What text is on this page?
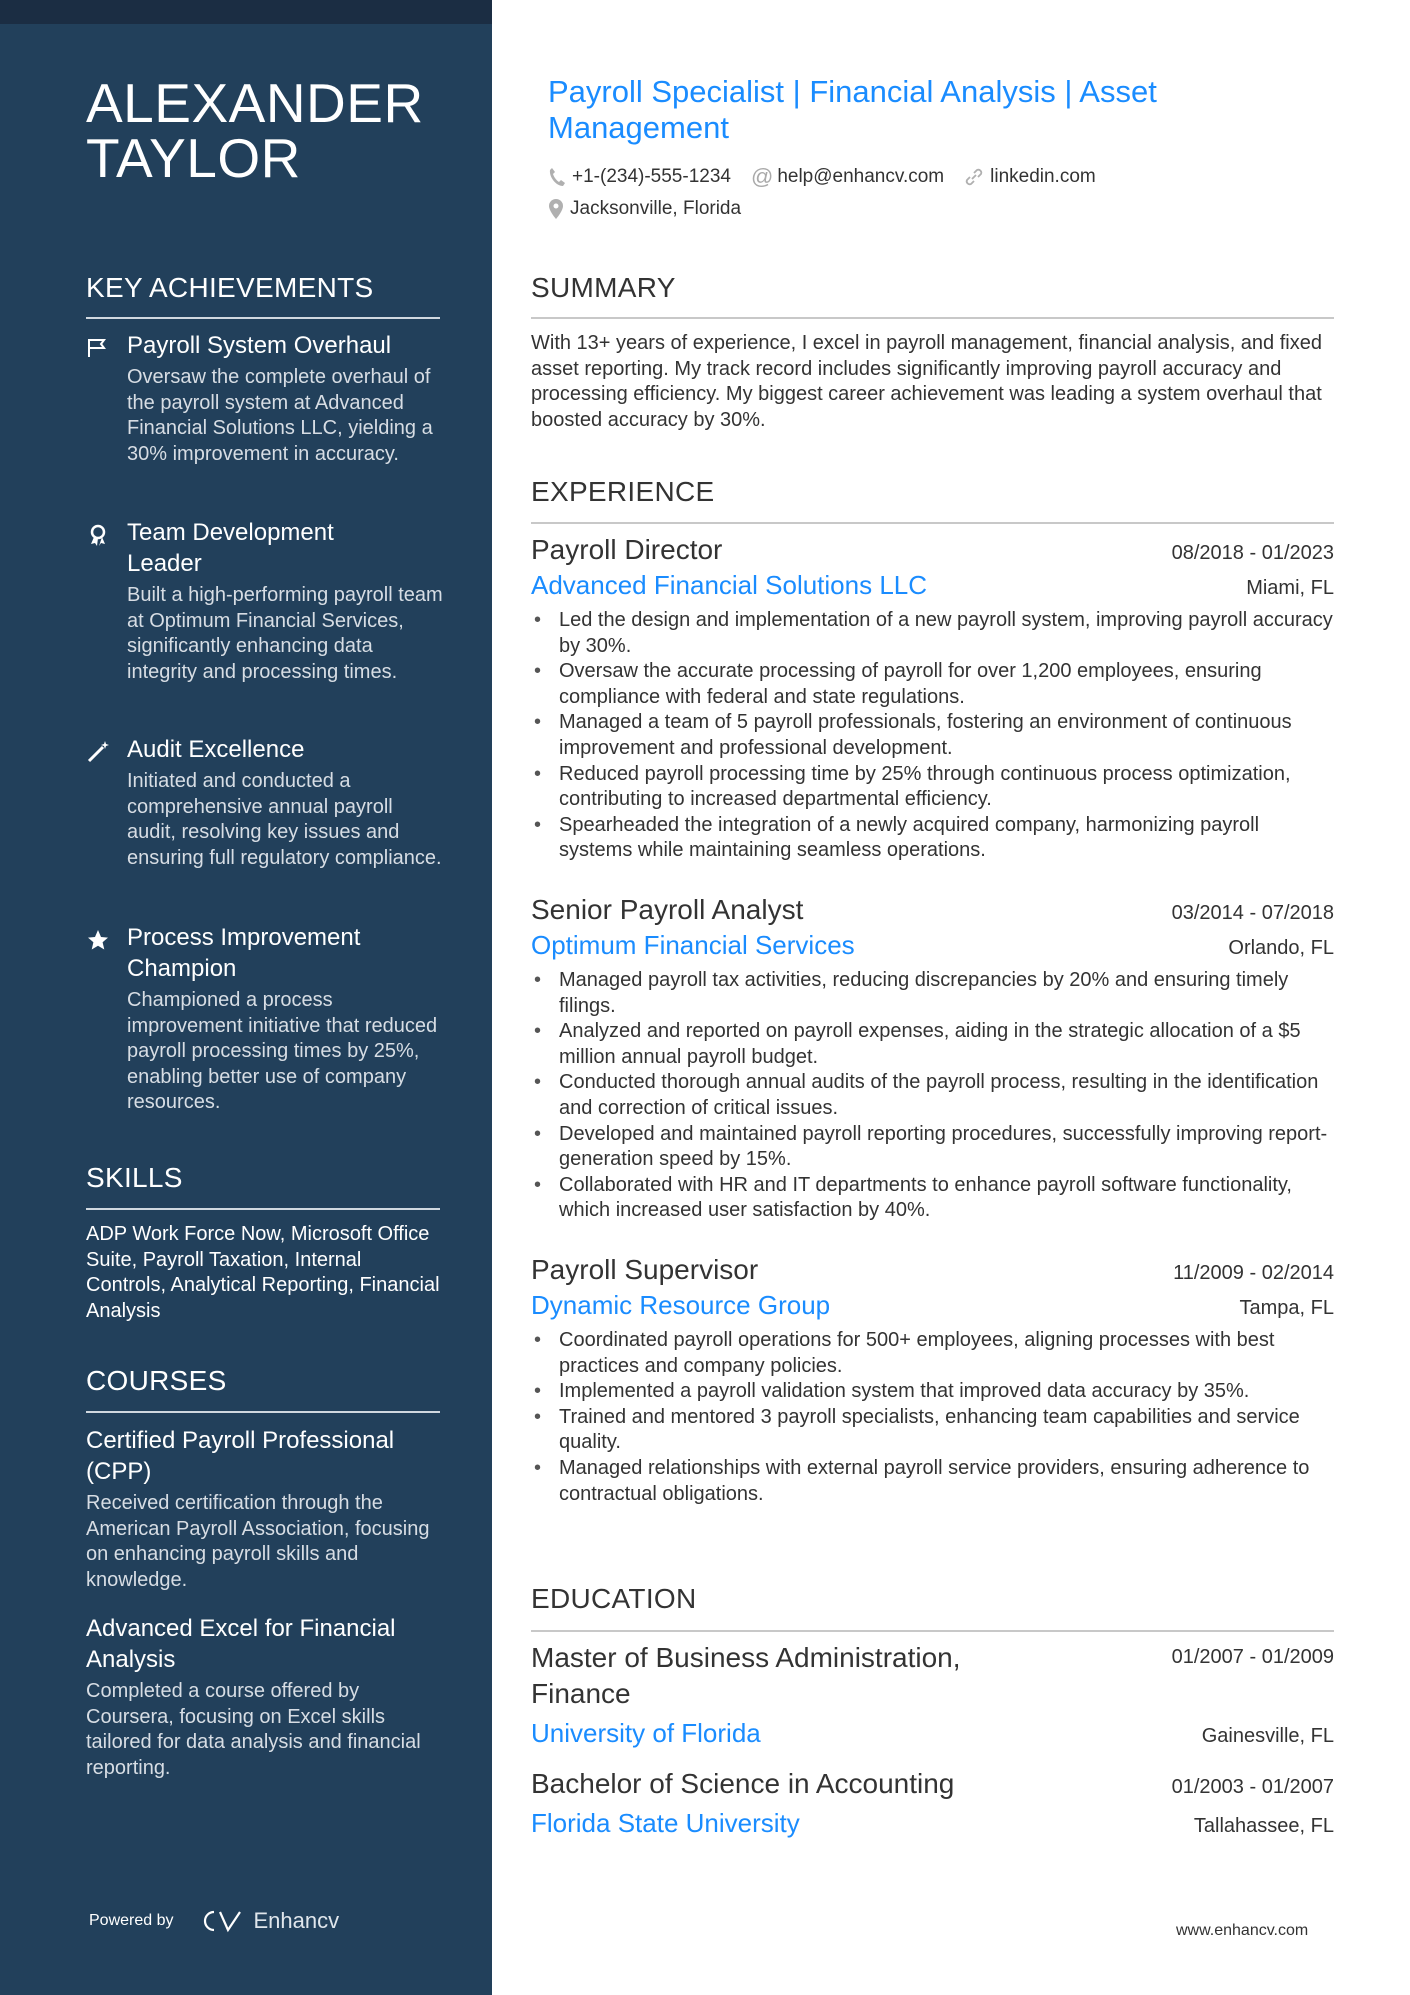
ALEXANDER
TAYLOR
KEY ACHIEVEMENTS
Payroll System Overhaul
Oversaw the complete overhaul of the payroll system at Advanced Financial Solutions LLC, yielding a 30% improvement in accuracy.
Team Development Leader
Built a high-performing payroll team at Optimum Financial Services, significantly enhancing data integrity and processing times.
Audit Excellence
Initiated and conducted a comprehensive annual payroll audit, resolving key issues and ensuring full regulatory compliance.
Process Improvement Champion
Championed a process improvement initiative that reduced payroll processing times by 25%, enabling better use of company resources.
SKILLS
ADP Work Force Now, Microsoft Office Suite, Payroll Taxation, Internal Controls, Analytical Reporting, Financial Analysis
COURSES
Certified Payroll Professional (CPP)
Received certification through the American Payroll Association, focusing on enhancing payroll skills and knowledge.
Advanced Excel for Financial Analysis
Completed a course offered by Coursera, focusing on Excel skills tailored for data analysis and financial reporting.
Powered by	Enhancv
Payroll Specialist | Financial Analysis | Asset
Management
+1-(234)-555-1234 @ help@enhancv.com linkedin.com
Jacksonville, Florida
SUMMARY
With 13+ years of experience, I excel in payroll management, financial analysis, and fixed asset reporting. My track record includes significantly improving payroll accuracy and processing efficiency. My biggest career achievement was leading a system overhaul that boosted accuracy by 30%.
EXPERIENCE
Payroll Director	08/2018 - 01/2023
Advanced Financial Solutions LLC	Miami, FL
• Led the design and implementation of a new payroll system, improving payroll accuracy by 30%.
• Oversaw the accurate processing of payroll for over 1,200 employees, ensuring compliance with federal and state regulations.
• Managed a team of 5 payroll professionals, fostering an environment of continuous improvement and professional development.
• Reduced payroll processing time by 25% through continuous process optimization, contributing to increased departmental efficiency.
• Spearheaded the integration of a newly acquired company, harmonizing payroll systems while maintaining seamless operations.
Senior Payroll Analyst	03/2014 - 07/2018
Optimum Financial Services	Orlando, FL
• Managed payroll tax activities, reducing discrepancies by 20% and ensuring timely filings.
• Analyzed and reported on payroll expenses, aiding in the strategic allocation of a $5 million annual payroll budget.
• Conducted thorough annual audits of the payroll process, resulting in the identification and correction of critical issues.
• Developed and maintained payroll reporting procedures, successfully improving report-generation speed by 15%.
• Collaborated with HR and IT departments to enhance payroll software functionality, which increased user satisfaction by 40%.
Payroll Supervisor	11/2009 - 02/2014
Dynamic Resource Group	Tampa, FL
• Coordinated payroll operations for 500+ employees, aligning processes with best practices and company policies.
• Implemented a payroll validation system that improved data accuracy by 35%.
• Trained and mentored 3 payroll specialists, enhancing team capabilities and service quality.
• Managed relationships with external payroll service providers, ensuring adherence to contractual obligations.
EDUCATION
Master of Business Administration, Finance
01/2007 - 01/2009
University of Florida	Gainesville, FL
Bachelor of Science in Accounting	01/2003 - 01/2007
Florida State University	Tallahassee, FL
www.enhancv.com
